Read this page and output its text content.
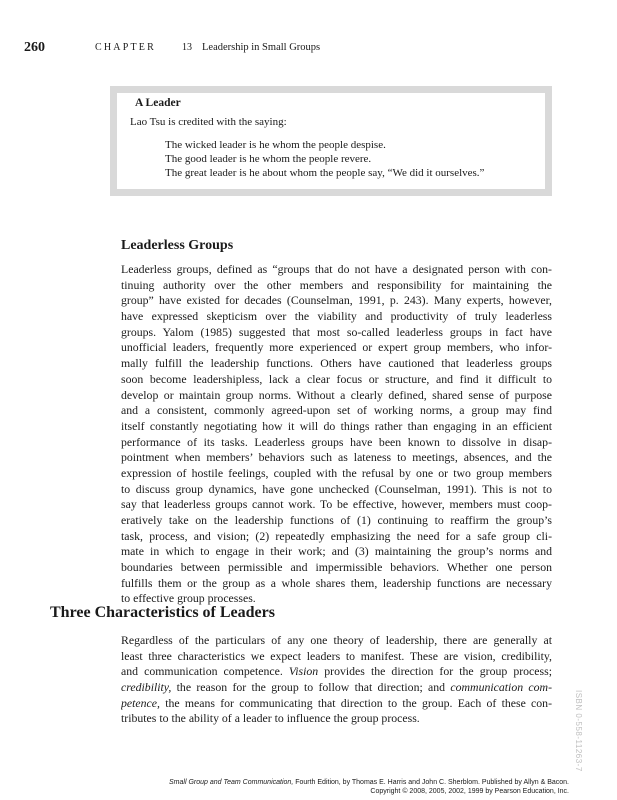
260	CHAPTER	13 Leadership in Small Groups
A Leader
Lao Tsu is credited with the saying:
The wicked leader is he whom the people despise.
The good leader is he whom the people revere.
The great leader is he about whom the people say, “We did it ourselves.”
Leaderless Groups
Leaderless groups, defined as “groups that do not have a designated person with con-
tinuing authority over the other members and responsibility for maintaining the
group” have existed for decades (Counselman, 1991, p. 243). Many experts, however,
have expressed skepticism over the viability and productivity of truly leaderless
groups. Yalom (1985) suggested that most so-called leaderless groups in fact have
unofficial leaders, frequently more experienced or expert group members, who infor-
mally fulfill the leadership functions. Others have cautioned that leaderless groups
soon become leadershipless, lack a clear focus or structure, and find it difficult to
develop or maintain group norms. Without a clearly defined, shared sense of purpose
and a consistent, commonly agreed-upon set of working norms, a group may find
itself constantly negotiating how it will do things rather than engaging in an efficient
performance of its tasks. Leaderless groups have been known to dissolve in disap-
pointment when members’ behaviors such as lateness to meetings, absences, and the
expression of hostile feelings, coupled with the refusal by one or two group members
to discuss group dynamics, have gone unchecked (Counselman, 1991). This is not to
say that leaderless groups cannot work. To be effective, however, members must coop-
eratively take on the leadership functions of (1) continuing to reaffirm the group’s
task, process, and vision; (2) repeatedly emphasizing the need for a safe group cli-
mate in which to engage in their work; and (3) maintaining the group’s norms and
boundaries between permissible and impermissible behaviors. Whether one person
fulfills them or the group as a whole shares them, leadership functions are necessary
to effective group processes.
Three Characteristics of Leaders
Regardless of the particulars of any one theory of leadership, there are generally at
least three characteristics we expect leaders to manifest. These are vision, credibility,
and communication competence. Vision provides the direction for the group process;
credibility, the reason for the group to follow that direction; and communication com-
petence, the means for communicating that direction to the group. Each of these con-
tributes to the ability of a leader to influence the group process.	ISBN 0-558-11263-7
Small Group and Team Communication, Fourth Edition, by Thomas E. Harris and John C. Sherblom. Published by Allyn & Bacon.
Copyright © 2008, 2005, 2002, 1999 by Pearson Education, Inc.
